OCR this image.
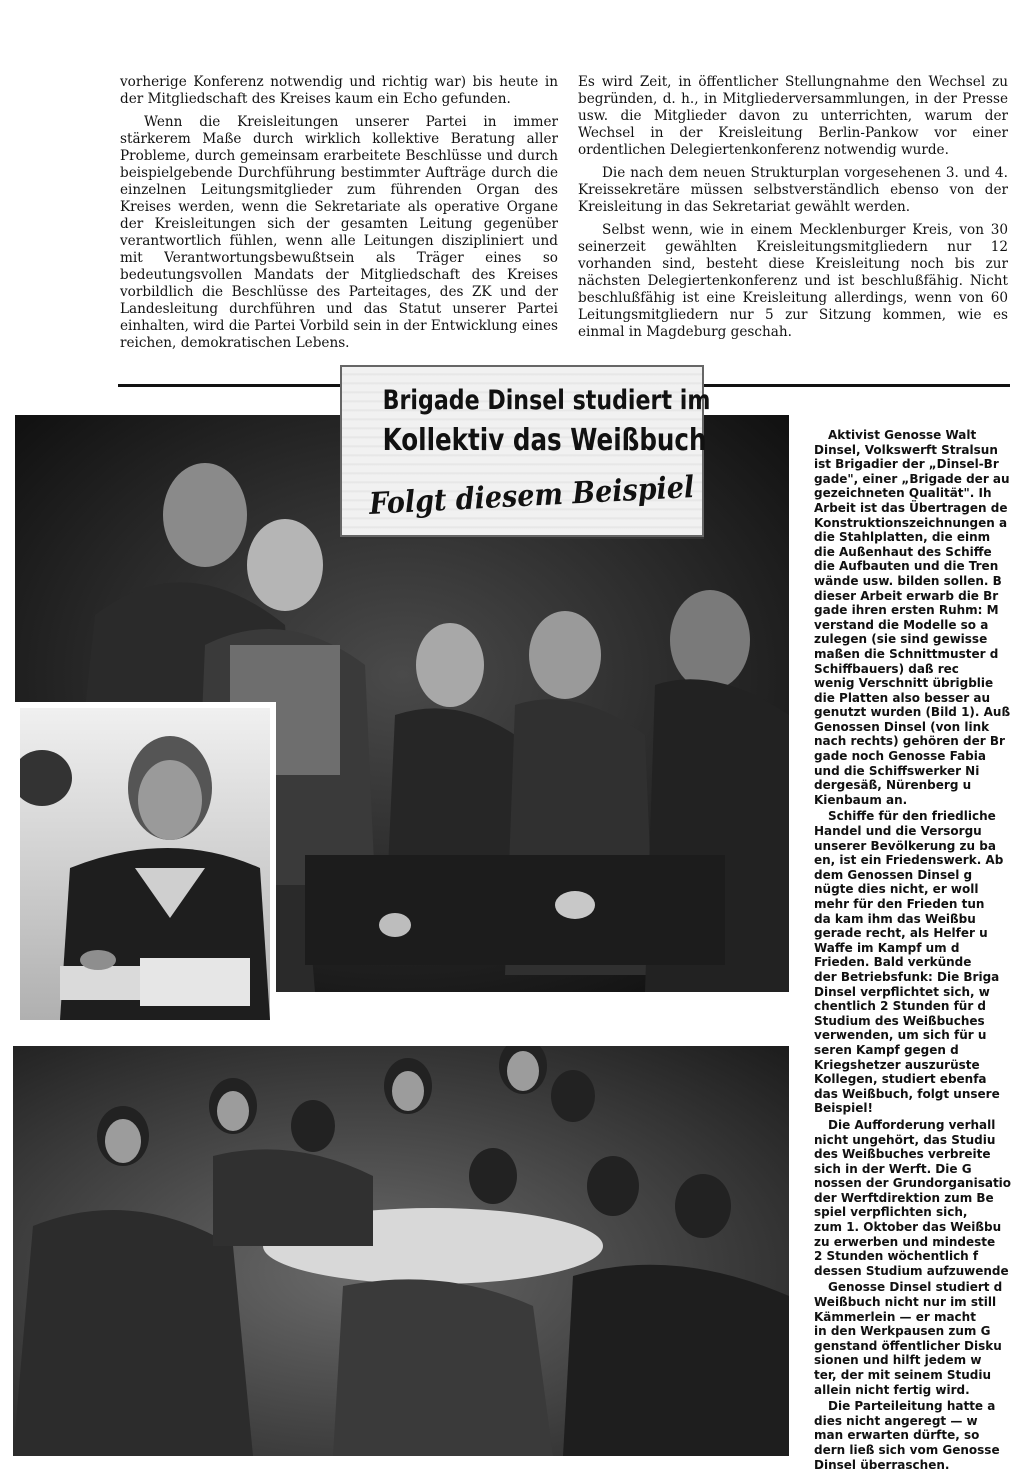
vorherige Konferenz notwendig und richtig war) bis heute in der Mitgliedschaft des Kreises kaum ein Echo gefunden.

Wenn die Kreisleitungen unserer Partei in immer stärkerem Maße durch wirklich kollektive Beratung aller Probleme, durch gemeinsam erarbeitete Beschlüsse und durch beispielgebende Durchführung bestimmter Aufträge durch die einzelnen Leitungsmitglieder zum führenden Organ des Kreises werden, wenn die Sekretariate als operative Organe der Kreisleitungen sich der gesamten Leitung gegenüber verantwortlich fühlen, wenn alle Leitungen diszipliniert und mit Verantwortungsbewußtsein als Träger eines so bedeutungsvollen Mandats der Mitgliedschaft des Kreises vorbildlich die Beschlüsse des Parteitages, des ZK und der Landesleitung durchführen und das Statut unserer Partei einhalten, wird die Partei Vorbild sein in der Entwicklung eines reichen, demokratischen Lebens.

Es wird Zeit, in öffentlicher Stellungnahme den Wechsel zu begründen, d. h., in Mitgliederversammlungen, in der Presse usw. die Mitglieder davon zu unterrichten, warum der Wechsel in der Kreisleitung Berlin-Pankow vor einer ordentlichen Delegiertenkonferenz notwendig wurde.

Die nach dem neuen Strukturplan vorgesehenen 3. und 4. Kreissekretäre müssen selbstverständlich ebenso von der Kreisleitung in das Sekretariat gewählt werden.

Selbst wenn, wie in einem Mecklenburger Kreis, von 30 seinerzeit gewählten Kreisleitungsmitgliedern nur 12 vorhanden sind, besteht diese Kreisleitung noch bis zur nächsten Delegiertenkonferenz und ist beschlußfähig. Nicht beschlußfähig ist eine Kreisleitung allerdings, wenn von 60 Leitungsmitgliedern nur 5 zur Sitzung kommen, wie es einmal in Magdeburg geschah.

Brigade Dinsel studiert im
Kollektiv das Weißbuch
Folgt diesem Beispiel

Aktivist Genosse Walt
Dinsel, Volkswerft Stralsun
ist Brigadier der „Dinsel-Br
gade", einer „Brigade der au
gezeichneten Qualität". Ih
Arbeit ist das Übertragen de
Konstruktionszeichnungen a
die Stahlplatten, die einm
die Außenhaut des Schiffe
die Aufbauten und die Tren
wände usw. bilden sollen. B
dieser Arbeit erwarb die Br
gade ihren ersten Ruhm: M
verstand die Modelle so a
zulegen (sie sind gewisse
maßen die Schnittmuster d
Schiffbauers) daß rec
wenig Verschnitt übrigblie
die Platten also besser au
genutzt wurden (Bild 1). Auß
Genossen Dinsel (von link
nach rechts) gehören der Br
gade noch Genosse Fabia
und die Schiffswerker Ni
dergesäß, Nürenberg u
Kienbaum an.

Schiffe für den friedliche
Handel und die Versorgu
unserer Bevölkerung zu ba
en, ist ein Friedenswerk. Ab
dem Genossen Dinsel g
nügte dies nicht, er woll
mehr für den Frieden tun
da kam ihm das Weißbu
gerade recht, als Helfer u
Waffe im Kampf um d
Frieden. Bald verkünde
der Betriebsfunk: Die Briga
Dinsel verpflichtet sich, w
chentlich 2 Stunden für d
Studium des Weißbuches
verwenden, um sich für u
seren Kampf gegen d
Kriegshetzer auszurüste
Kollegen, studiert ebenfa
das Weißbuch, folgt unsere
Beispiel!

Die Aufforderung verhall
nicht ungehört, das Studiu
des Weißbuches verbreite
sich in der Werft. Die G
nossen der Grundorganisatio
der Werftdirektion zum Be
spiel verpflichten sich,
zum 1. Oktober das Weißbu
zu erwerben und mindeste
2 Stunden wöchentlich f
dessen Studium aufzuwende

Genosse Dinsel studiert d
Weißbuch nicht nur im still
Kämmerlein — er macht
in den Werkpausen zum G
genstand öffentlicher Disku
sionen und hilft jedem w
ter, der mit seinem Studiu
allein nicht fertig wird.

Die Parteileitung hatte a
dies nicht angeregt — w
man erwarten dürfte, so
dern ließ sich vom Genosse
Dinsel überraschen.
